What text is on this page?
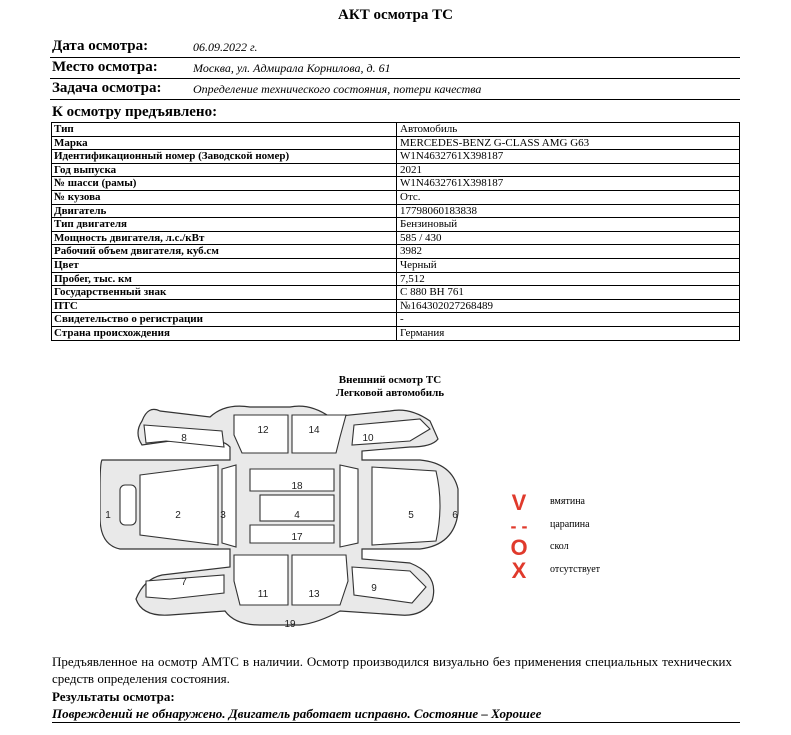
АКТ осмотра ТС
Дата осмотра:	06.09.2022 г.
Место осмотра:	Москва, ул. Адмирала Корнилова, д. 61
Задача осмотра:	Определение технического состояния, потери качества
К осмотру предъявлено:
Тип	Автомобиль
Марка	MERCEDES-BENZ G-CLASS AMG G63
Идентификационный номер (Заводской номер)	W1N4632761X398187
Год выпуска	2021
№ шасси (рамы)	W1N4632761X398187
№ кузова	Отс.
Двигатель	17798060183838
Тип двигателя	Бензиновый
Мощность двигателя, л.с./кВт	585 / 430
Рабочий объем двигателя, куб.см	3982
Цвет	Черный
Пробег, тыс. км	7,512
Государственный знак	С 880 ВН 761
ПТС	№164302027268489
Свидетельство о регистрации	-
Страна происхождения	Германия
Внешний осмотр ТС
Легковой автомобиль
1	2	3	4	5	6
7
8
9
10
11
12
13
14
17
18
19
V	вмятина
- - царапина
O скол
X	отсутствует
Предъявленное на осмотр АМТС в наличии. Осмотр производился визуально без применения специальных технических средств определения состояния.
Результаты осмотра:
Повреждений не обнаружено. Двигатель работает исправно. Состояние – Хорошее
